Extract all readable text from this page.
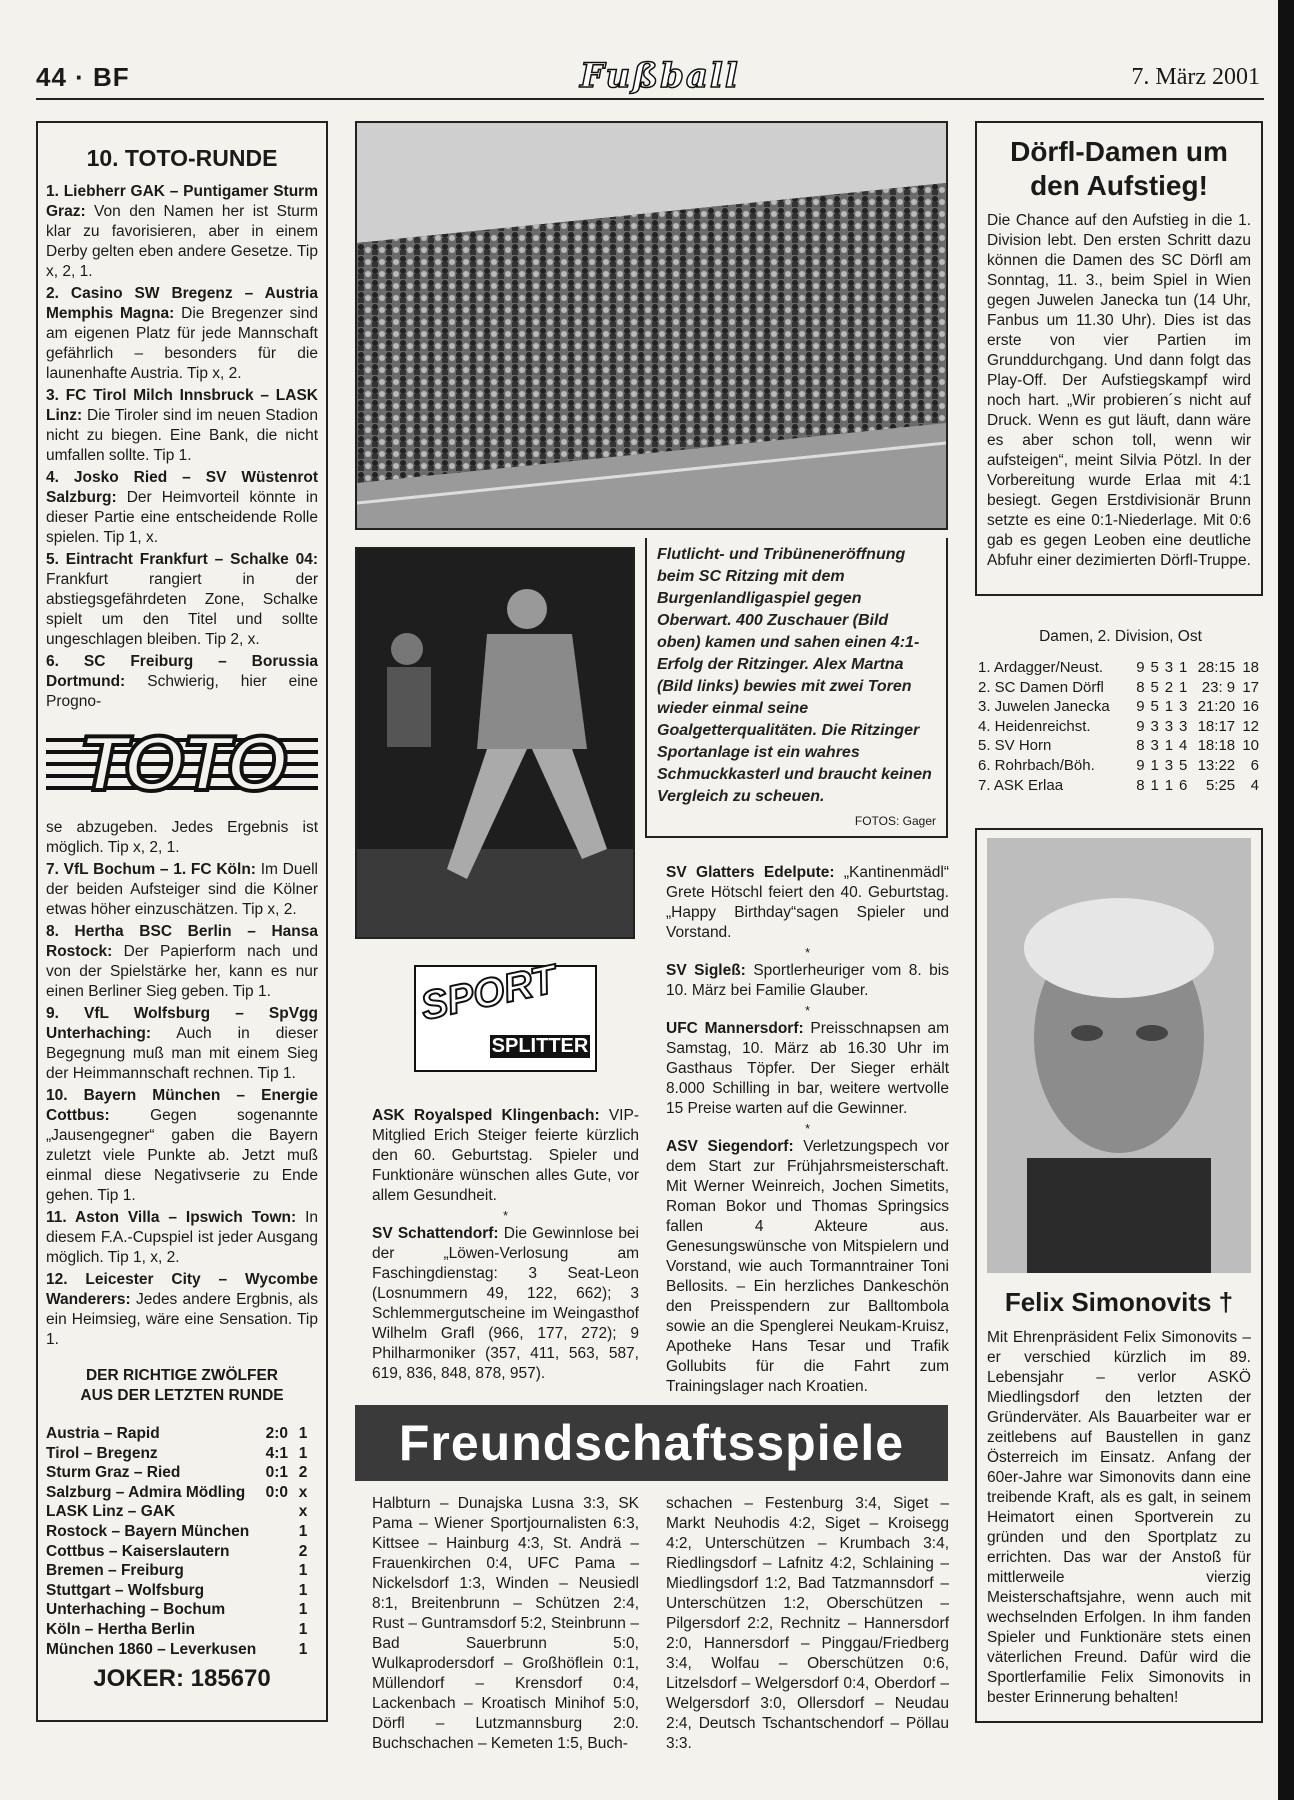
44 · BF	Fußball	7. März 2001
10. TOTO-RUNDE

1. Liebherr GAK – Puntigamer Sturm Graz: Von den Namen her ist Sturm klar zu favorisieren, aber in einem Derby gelten eben andere Gesetze. Tip x, 2, 1.

2. Casino SW Bregenz – Austria Memphis Magna: Die Bregenzer sind am eigenen Platz für jede Mannschaft gefährlich – besonders für die launenhafte Austria. Tip x, 2.

3. FC Tirol Milch Innsbruck – LASK Linz: Die Tiroler sind im neuen Stadion nicht zu biegen. Eine Bank, die nicht umfallen sollte. Tip 1.

4. Josko Ried – SV Wüstenrot Salzburg: Der Heimvorteil könnte in dieser Partie eine entscheidende Rolle spielen. Tip 1, x.

5. Eintracht Frankfurt – Schalke 04: Frankfurt rangiert in der abstiegsgefährdeten Zone, Schalke spielt um den Titel und sollte ungeschlagen bleiben. Tip 2, x.

6. SC Freiburg – Borussia Dortmund: Schwierig, hier eine Progno-

TOTO

se abzugeben. Jedes Ergebnis ist möglich. Tip x, 2, 1.

7. VfL Bochum – 1. FC Köln: Im Duell der beiden Aufsteiger sind die Kölner etwas höher einzuschätzen. Tip x, 2.

8. Hertha BSC Berlin – Hansa Rostock: Der Papierform nach und von der Spielstärke her, kann es nur einen Berliner Sieg geben. Tip 1.

9. VfL Wolfsburg – SpVgg Unterhaching: Auch in dieser Begegnung muß man mit einem Sieg der Heimmannschaft rechnen. Tip 1.

10. Bayern München – Energie Cottbus: Gegen sogenannte „Jausengegner“ gaben die Bayern zuletzt viele Punkte ab. Jetzt muß einmal diese Negativserie zu Ende gehen. Tip 1.

11. Aston Villa – Ipswich Town: In diesem F.A.-Cupspiel ist jeder Ausgang möglich. Tip 1, x, 2.

12. Leicester City – Wycombe Wanderers: Jedes andere Ergbnis, als ein Heimsieg, wäre eine Sensation. Tip 1.

DER RICHTIGE ZWÖLFER
AUS DER LETZTEN RUNDE
Austria – Rapid	2:0	1
Tirol – Bregenz	4:1	1
Sturm Graz – Ried	0:1	2
Salzburg – Admira Mödling	0:0	x
LASK Linz – GAK		x
Rostock – Bayern München		1
Cottbus – Kaiserslautern		2
Bremen – Freiburg		1
Stuttgart – Wolfsburg		1
Unterhaching – Bochum		1
Köln – Hertha Berlin		1
München 1860 – Leverkusen		1
JOKER: 185670
Flutlicht- und Tribüneneröffnung beim SC Ritzing mit dem Burgenlandligaspiel gegen Oberwart. 400 Zuschauer (Bild oben) kamen und sahen einen 4:1-Erfolg der Ritzinger. Alex Martna (Bild links) bewies mit zwei Toren wieder einmal seine Goalgetterqualitäten. Die Ritzinger Sportanlage ist ein wahres Schmuckkasterl und braucht keinen Vergleich zu scheuen.
FOTOS: Gager
SPORT
SPLITTER

ASK Royalsped Klingenbach: VIP-Mitglied Erich Steiger feierte kürzlich den 60. Geburtstag. Spieler und Funktionäre wünschen alles Gute, vor allem Gesundheit.

*

SV Schattendorf: Die Gewinnlose bei der „Löwen-Verlosung am Faschingdienstag: 3 Seat-Leon (Losnummern 49, 122, 662); 3 Schlemmergutscheine im Weingasthof Wilhelm Grafl (966, 177, 272); 9 Philharmoniker (357, 411, 563, 587, 619, 836, 848, 878, 957).

SV Glatters Edelpute: „Kantinenmädl“ Grete Hötschl feiert den 40. Geburtstag. „Happy Birthday“sagen Spieler und Vorstand.

*

SV Sigleß: Sportlerheuriger vom 8. bis 10. März bei Familie Glauber.

*

UFC Mannersdorf: Preisschnapsen am Samstag, 10. März ab 16.30 Uhr im Gasthaus Töpfer. Der Sieger erhält 8.000 Schilling in bar, weitere wertvolle 15 Preise warten auf die Gewinner.

*

ASV Siegendorf: Verletzungspech vor dem Start zur Frühjahrsmeisterschaft. Mit Werner Weinreich, Jochen Simetits, Roman Bokor und Thomas Springsics fallen 4 Akteure aus. Genesungswünsche von Mitspielern und Vorstand, wie auch Tormanntrainer Toni Bellosits. – Ein herzliches Dankeschön den Preisspendern zur Balltombola sowie an die Spenglerei Neukam-Kruisz, Apotheke Hans Tesar und Trafik Gollubits für die Fahrt zum Trainingslager nach Kroatien.

Freundschaftsspiele

Halbturn – Dunajska Lusna 3:3, SK Pama – Wiener Sportjournalisten 6:3, Kittsee – Hainburg 4:3, St. Andrä – Frauenkirchen 0:4, UFC Pama – Nickelsdorf 1:3, Winden – Neusiedl 8:1, Breitenbrunn – Schützen 2:4, Rust – Guntramsdorf 5:2, Steinbrunn – Bad Sauerbrunn 5:0, Wulkaprodersdorf – Großhöflein 0:1, Müllendorf – Krensdorf 0:4, Lackenbach – Kroatisch Minihof 5:0, Dörfl – Lutzmannsburg 2:0. Buchschachen – Kemeten 1:5, Buch-

schachen – Festenburg 3:4, Siget – Markt Neuhodis 4:2, Siget – Kroisegg 4:2, Unterschützen – Krumbach 3:4, Riedlingsdorf – Lafnitz 4:2, Schlaining – Miedlingsdorf 1:2, Bad Tatzmannsdorf – Unterschützen 1:2, Oberschützen – Pilgersdorf 2:2, Rechnitz – Hannersdorf 2:0, Hannersdorf – Pinggau/Friedberg 3:4, Wolfau – Oberschützen 0:6, Litzelsdorf – Welgersdorf 0:4, Oberdorf – Welgersdorf 3:0, Ollersdorf – Neudau 2:4, Deutsch Tschantschendorf – Pöllau 3:3.

Dörfl-Damen um
den Aufstieg!

Die Chance auf den Aufstieg in die 1. Division lebt. Den ersten Schritt dazu können die Damen des SC Dörfl am Sonntag, 11. 3., beim Spiel in Wien gegen Juwelen Janecka tun (14 Uhr, Fanbus um 11.30 Uhr). Dies ist das erste von vier Partien im Grunddurchgang. Und dann folgt das Play-Off. Der Aufstiegskampf wird noch hart. „Wir probieren´s nicht auf Druck. Wenn es gut läuft, dann wäre es aber schon toll, wenn wir aufsteigen“, meint Silvia Pötzl. In der Vorbereitung wurde Erlaa mit 4:1 besiegt. Gegen Erstdivisionär Brunn setzte es eine 0:1-Niederlage. Mit 0:6 gab es gegen Leoben eine deutliche Abfuhr einer dezimierten Dörfl-Truppe.

Damen, 2. Division, Ost
1. Ardagger/Neust.	9	5	3	1	28:15	18
2. SC Damen Dörfl	8	5	2	1	23: 9	17
3. Juwelen Janecka	9	5	1	3	21:20	16
4. Heidenreichst.	9	3	3	3	18:17	12
5. SV Horn	8	3	1	4	18:18	10
6. Rohrbach/Böh.	9	1	3	5	13:22	6
7. ASK Erlaa	8	1	1	6	5:25	4
Felix Simonovits †

Mit Ehrenpräsident Felix Simonovits – er verschied kürzlich im 89. Lebensjahr – verlor ASKÖ Miedlingsdorf den letzten der Gründerväter. Als Bauarbeiter war er zeitlebens auf Baustellen in ganz Österreich im Einsatz. Anfang der 60er-Jahre war Simonovits dann eine treibende Kraft, als es galt, in seinem Heimatort einen Sportverein zu gründen und den Sportplatz zu errichten. Das war der Anstoß für mittlerweile vierzig Meisterschaftsjahre, wenn auch mit wechselnden Erfolgen. In ihm fanden Spieler und Funktionäre stets einen väterlichen Freund. Dafür wird die Sportlerfamilie Felix Simonovits in bester Erinnerung behalten!
